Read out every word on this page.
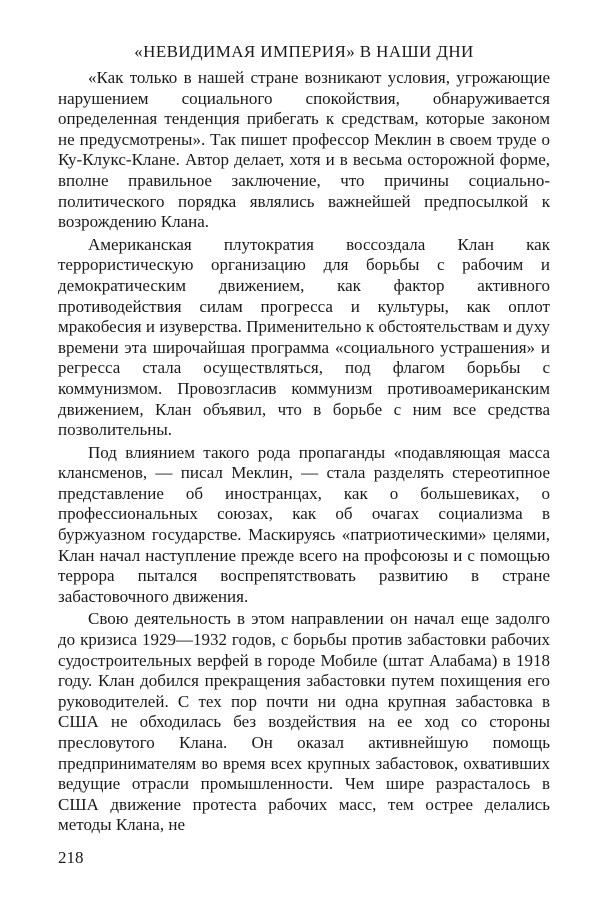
«НЕВИДИМАЯ ИМПЕРИЯ» В НАШИ ДНИ

«Как только в нашей стране возникают условия, угрожающие нарушением социального спокойствия, обнаруживается определенная тенденция прибегать к средствам, которые законом не предусмотрены». Так пишет профессор Меклин в своем труде о Ку-Клукс-Клане. Автор делает, хотя и в весьма осторожной форме, вполне правильное заключение, что причины социально-политического порядка являлись важнейшей предпосылкой к возрождению Клана.

Американская плутократия воссоздала Клан как террористическую организацию для борьбы с рабочим и демократическим движением, как фактор активного противодействия силам прогресса и культуры, как оплот мракобесия и изуверства. Применительно к обстоятельствам и духу времени эта широчайшая программа «социального устрашения» и регресса стала осуществляться, под флагом борьбы с коммунизмом. Провозгласив коммунизм противоамериканским движением, Клан объявил, что в борьбе с ним все средства позволительны.

Под влиянием такого рода пропаганды «подавляющая масса клансменов, — писал Меклин, — стала разделять стереотипное представление об иностранцах, как о большевиках, о профессиональных союзах, как об очагах социализма в буржуазном государстве. Маскируясь «патриотическими» целями, Клан начал наступление прежде всего на профсоюзы и с помощью террора пытался воспрепятствовать развитию в стране забастовочного движения.

Свою деятельность в этом направлении он начал еще задолго до кризиса 1929—1932 годов, с борьбы против забастовки рабочих судостроительных верфей в городе Мобиле (штат Алабама) в 1918 году. Клан добился прекращения забастовки путем похищения его руководителей. С тех пор почти ни одна крупная забастовка в США не обходилась без воздействия на ее ход со стороны пресловутого Клана. Он оказал активнейшую помощь предпринимателям во время всех крупных забастовок, охвативших ведущие отрасли промышленности. Чем шире разрасталось в США движение протеста рабочих масс, тем острее делались методы Клана, не

218
